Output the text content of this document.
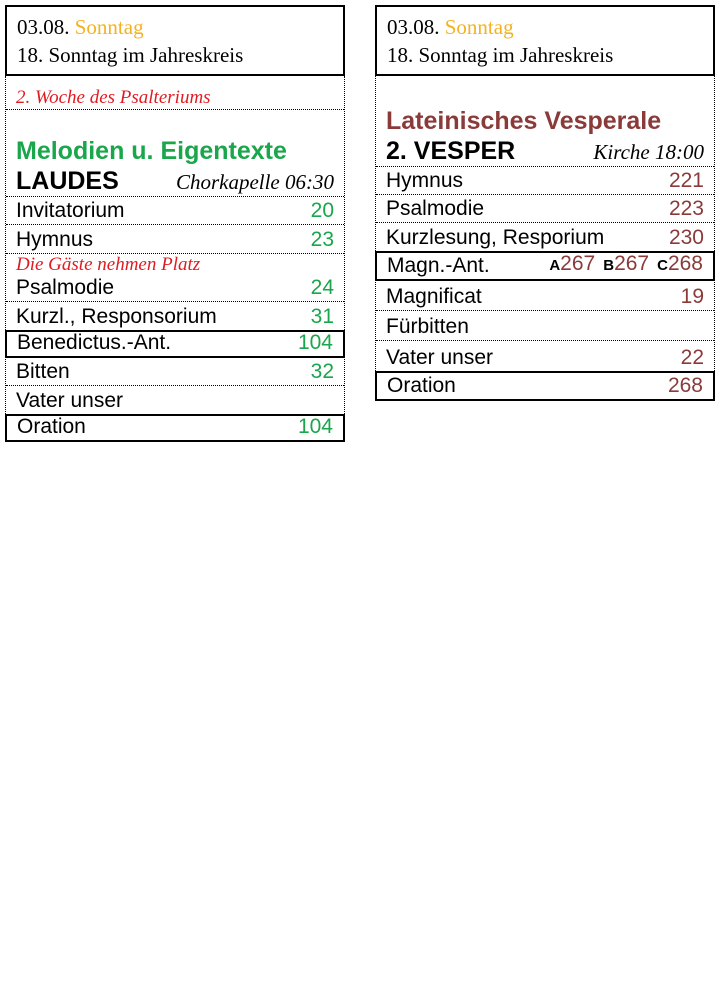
03.08. Sonntag
18. Sonntag im Jahreskreis
2. Woche des Psalteriums
Melodien u. Eigentexte
LAUDES	Chorkapelle 06:30
Invitatorium	20
Hymnus	23
Die Gäste nehmen Platz
Psalmodie	24
Kurzl., Responsorium	31
Benedictus.-Ant.	104
Bitten	32
Vater unser
Oration	104
03.08. Sonntag
18. Sonntag im Jahreskreis
Lateinisches Vesperale
2. VESPER	Kirche 18:00
Hymnus	221
Psalmodie	223
Kurzlesung, Resporium	230
Magn.-Ant.	A 267 B 267 C 268
Magnificat	19
Fürbitten
Vater unser	22
Oration	268
